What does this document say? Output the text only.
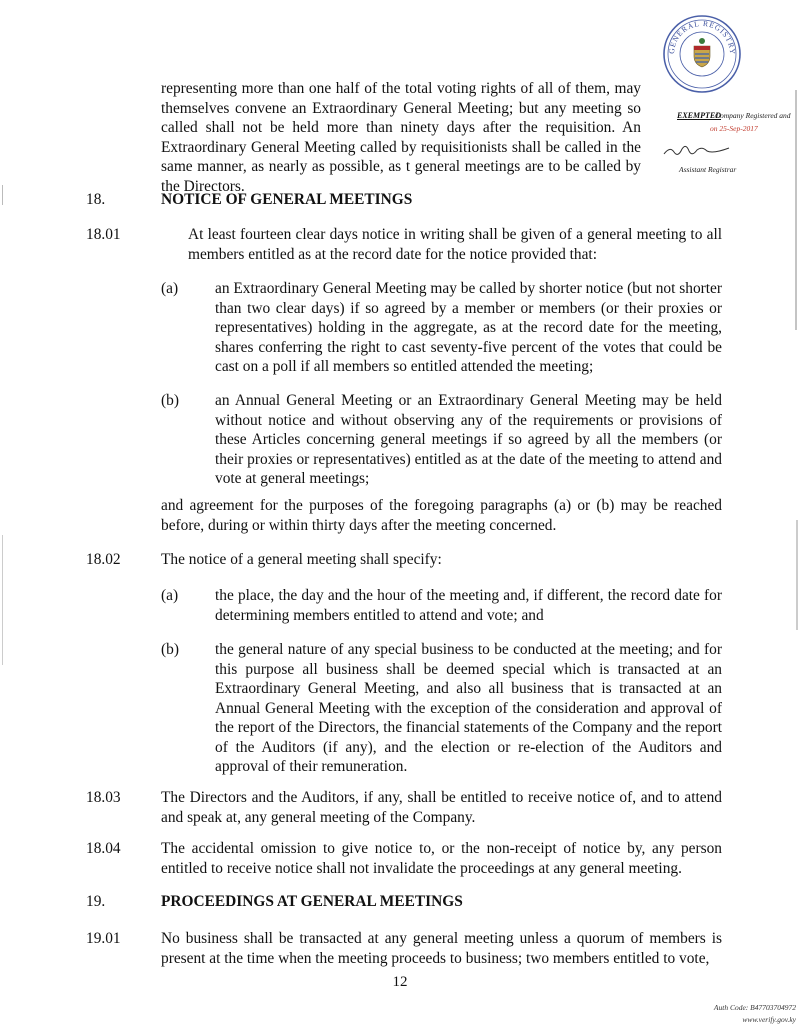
GENERAL REGISTRY
EXEMPTED
Company Registered and
on 25-Sep-2017
Assistant Registrar
representing more than one half of the total voting rights of all of them, may themselves convene an Extraordinary General Meeting; but any meeting so called shall not be held more than ninety days after the requisition. An Extraordinary General Meeting called by requisitionists shall be called in the same manner, as nearly as possible, as t general meetings are to be called by the Directors.
18.	NOTICE OF GENERAL MEETINGS
18.01	At least fourteen clear days notice in writing shall be given of a general meeting to all members entitled as at the record date for the notice provided that:
(a) an Extraordinary General Meeting may be called by shorter notice (but not shorter than two clear days) if so agreed by a member or members (or their proxies or representatives) holding in the aggregate, as at the record date for the meeting, shares conferring the right to cast seventy-five percent of the votes that could be cast on a poll if all members so entitled attended the meeting;
(b) an Annual General Meeting or an Extraordinary General Meeting may be held without notice and without observing any of the requirements or provisions of these Articles concerning general meetings if so agreed by all the members (or their proxies or representatives) entitled as at the date of the meeting to attend and vote at general meetings;
and agreement for the purposes of the foregoing paragraphs (a) or (b) may be reached before, during or within thirty days after the meeting concerned.
18.02	The notice of a general meeting shall specify:
(a) the place, the day and the hour of the meeting and, if different, the record date for determining members entitled to attend and vote; and
(b) the general nature of any special business to be conducted at the meeting; and for this purpose all business shall be deemed special which is transacted at an Extraordinary General Meeting, and also all business that is transacted at an Annual General Meeting with the exception of the consideration and approval of the report of the Directors, the financial statements of the Company and the report of the Auditors (if any), and the election or re-election of the Auditors and approval of their remuneration.
18.03	The Directors and the Auditors, if any, shall be entitled to receive notice of, and to attend and speak at, any general meeting of the Company.
18.04	The accidental omission to give notice to, or the non-receipt of notice by, any person entitled to receive notice shall not invalidate the proceedings at any general meeting.
19.	PROCEEDINGS AT GENERAL MEETINGS
19.01	No business shall be transacted at any general meeting unless a quorum of members is present at the time when the meeting proceeds to business; two members entitled to vote,
12
Auth Code: B47703704972
www.verify.gov.ky
